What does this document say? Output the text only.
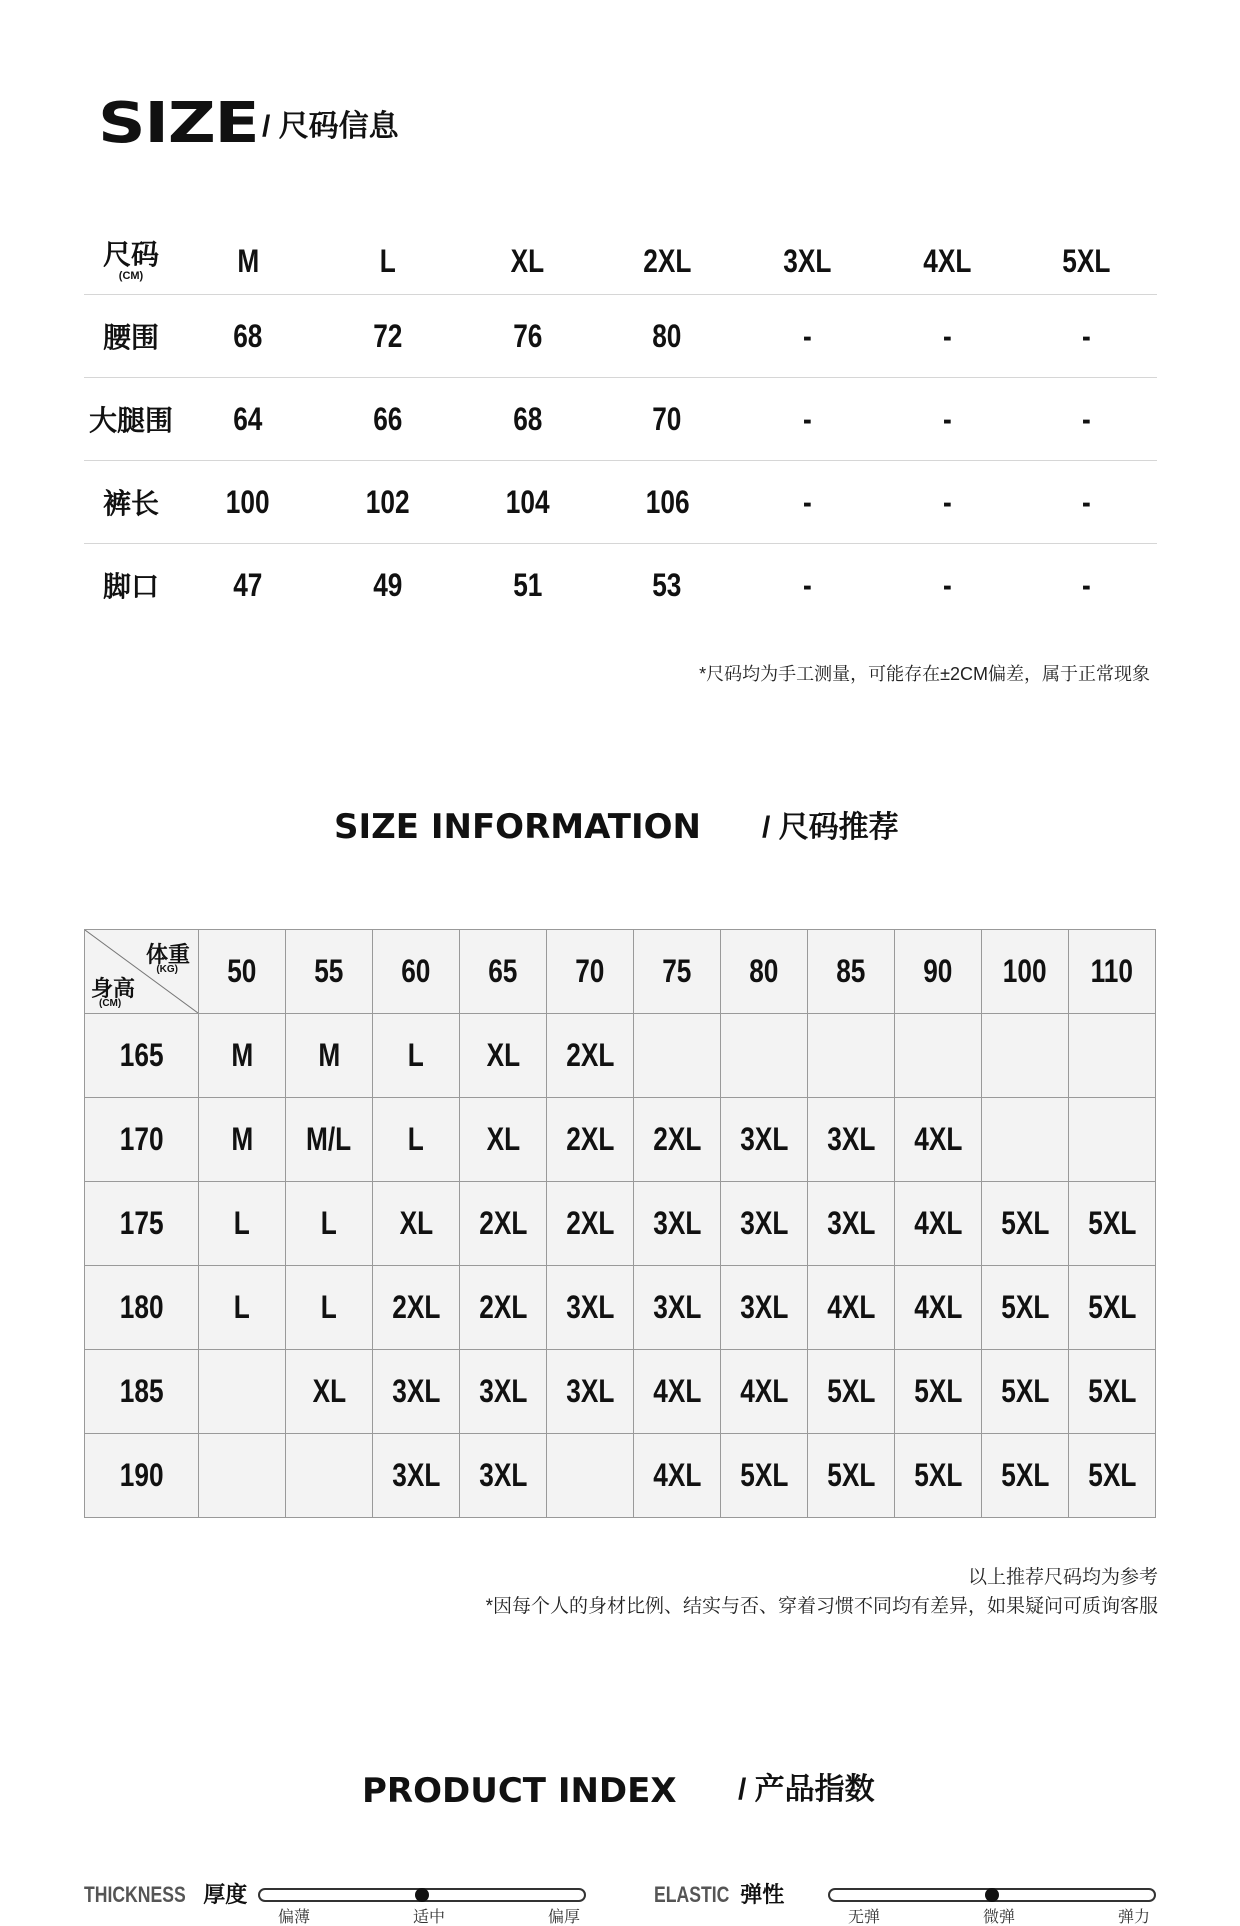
SIZE / 尺码信息
尺码
(CM)	M	L	XL	2XL	3XL	4XL	5XL
腰围	68	72	76	80	-	-	-
大腿围	64	66	68	70	-	-	-
裤长	100	102	104	106	-	-	-
脚口	47	49	51	53	-	-	-
*尺码均为手工测量，可能存在±2CM偏差，属于正常现象
SIZE INFORMATION / 尺码推荐
体重
(KG)
身高
(CM)	50	55	60	65	70	75	80	85	90	100	110
165	M	M	L	XL	2XL						
170	M	M/L	L	XL	2XL	2XL	3XL	3XL	4XL		
175	L	L	XL	2XL	2XL	3XL	3XL	3XL	4XL	5XL	5XL
180	L	L	2XL	2XL	3XL	3XL	3XL	4XL	4XL	5XL	5XL
185		XL	3XL	3XL	3XL	4XL	4XL	5XL	5XL	5XL	5XL
190			3XL	3XL		4XL	5XL	5XL	5XL	5XL	5XL
以上推荐尺码均为参考
*因每个人的身材比例、结实与否、穿着习惯不同均有差异，如果疑问可质询客服
PRODUCT INDEX / 产品指数
THICKNESS 厚度
偏薄	适中	偏厚
ELASTIC 弹性
无弹	微弹	弹力
